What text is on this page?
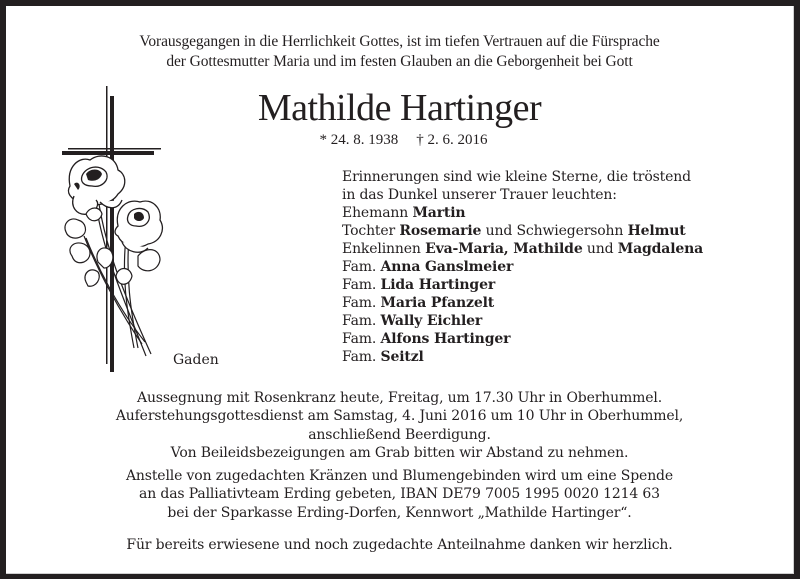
Vorausgegangen in die Herrlichkeit Gottes, ist im tiefen Vertrauen auf die Fürsprache
der Gottesmutter Maria und im festen Glauben an die Geborgenheit bei Gott
Mathilde Hartinger
* 24. 8. 1938 † 2. 6. 2016
Gaden
Erinnerungen sind wie kleine Sterne, die tröstend
in das Dunkel unserer Trauer leuchten:
Ehemann Martin
Tochter Rosemarie und Schwiegersohn Helmut
Enkelinnen Eva-Maria, Mathilde und Magdalena
Fam. Anna Ganslmeier
Fam. Lida Hartinger
Fam. Maria Pfanzelt
Fam. Wally Eichler
Fam. Alfons Hartinger
Fam. Seitzl
Aussegnung mit Rosenkranz heute, Freitag, um 17.30 Uhr in Oberhummel.
Auferstehungsgottesdienst am Samstag, 4. Juni 2016 um 10 Uhr in Oberhummel,
anschließend Beerdigung.
Von Beileidsbezeigungen am Grab bitten wir Abstand zu nehmen.
Anstelle von zugedachten Kränzen und Blumengebinden wird um eine Spende
an das Palliativteam Erding gebeten, IBAN DE79 7005 1995 0020 1214 63
bei der Sparkasse Erding-Dorfen, Kennwort „Mathilde Hartinger“.
Für bereits erwiesene und noch zugedachte Anteilnahme danken wir herzlich.
